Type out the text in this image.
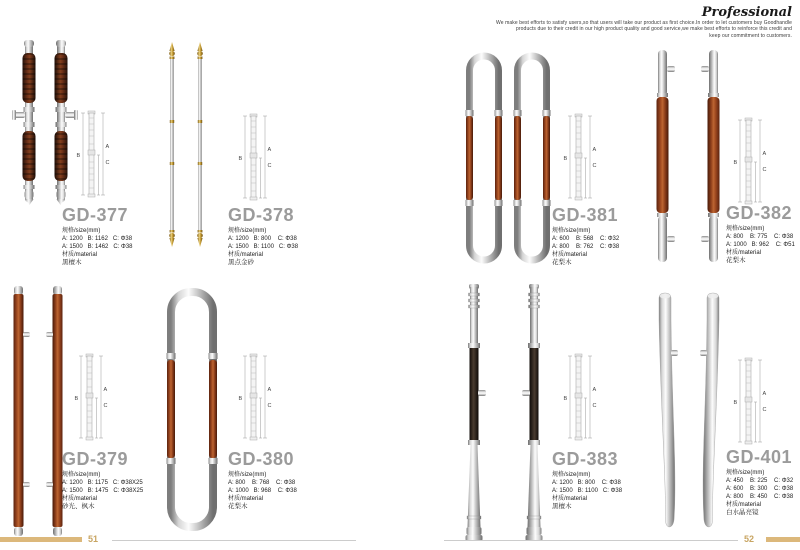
Professional
We make best efforts to satisfy users,so that users will take our product as first choice.In order to let customers buy Goodhandle
products due to their credit in our high product quality and good service,we make best efforts to reinforce this credit and
keep our commitment to customers.
GD-377
规格/size(mm)
A: 1200   B: 1162   C: Φ38
A: 1500   B: 1462   C: Φ38
材质/material
黑檀木
GD-378
规格/size(mm)
A: 1200   B: 800    C: Φ38
A: 1500   B: 1100   C: Φ38
材质/material
黑点金砂
GD-381
规格/size(mm)
A: 600    B: 568    C: Φ32
A: 800    B: 762    C: Φ38
材质/material
花梨木
GD-382
规格/size(mm)
A: 800    B: 775    C: Φ38
A: 1000   B: 962    C: Φ51
材质/material
花梨木
GD-379
规格/size(mm)
A: 1200   B: 1175   C: Φ38X25
A: 1500   B: 1475   C: Φ38X25
材质/material
砂光、枫木
GD-380
规格/size(mm)
A: 800    B: 768    C: Φ38
A: 1000   B: 968    C: Φ38
材质/material
花梨木
GD-383
规格/size(mm)
A: 1200   B: 800    C: Φ38
A: 1500   B: 1100   C: Φ38
材质/material
黑檀木
GD-401
规格/size(mm)
A: 450    B: 225    C: Φ32
A: 600    B: 300    C: Φ38
A: 800    B: 450    C: Φ38
材质/material
白水晶亮镜
51	52
